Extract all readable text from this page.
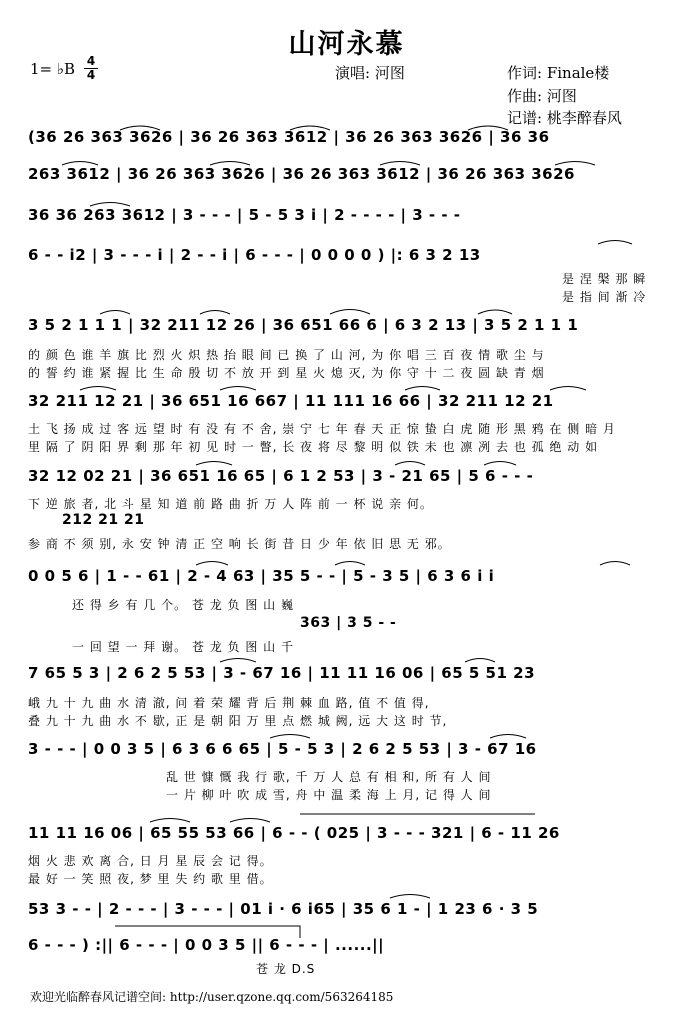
山河永慕
1= ♭B $\frac{4}{4}$	演唱: 河图	作词: Finale楼
作曲: 河图
记谱: 桃李醉春风
(36 26 363 3626 | 36 26 363 3612 | 36 26 363 3626 | 36 36
263 3612 | 36 26 363 3626 | 36 26 363 3612 | 36 26 363 3626
36 36 263 3612 | 3 - - - | 5 - 5 3 i | 2 - - - - | 3 - - -
6 - - i2 | 3 - - - i | 2 - - i | 6 - - - | 0 0 0 0 ) |: 6 3 2 13
是 涅 槃 那 瞬
是 指 间 渐 冷
3 5 2 1 1 1 | 32 211 12 26 | 36 651 66 6 | 6 3 2 13 | 3 5 2 1 1 1
的 颜 色 谁 羊 旗 比 烈 火 炽 热 抬 眼 间 已 换 了 山 河, 为 你 唱 三 百 夜 情 歌 尘 与
的 誓 约 谁 紧 握 比 生 命 殷 切 不 放 开 到 星 火 熄 灭, 为 你 守 十 二 夜 圆 缺 青 烟
32 211 12 21 | 36 651 16 667 | 11 111 16 66 | 32 211 12 21
土 飞 扬 成 过 客 远 望 时 有 没 有 不 舍, 崇 宁 七 年 春 天 正 惊 蛰 白 虎 随 形 黑 鸦 在 侧 暗 月
里 隔 了 阴 阳 界 剩 那 年 初 见 时 一 瞥, 长 夜 将 尽 黎 明 似 铁 未 也 凛 冽 去 也 孤 绝 动 如
32 12 02 21 | 36 651 16 65 | 6 1 2 53 | 3 - 21 65 | 5 6 - - -
下 逆 旅 者, 北 斗 星 知 道 前 路 曲 折 万 人 阵 前 一 杯 说 亲 何。
212 21 21
参 商 不 须 别, 永 安 钟 清 正 空 响 长 街 昔 日 少 年 依 旧 思 无 邪。
0 0 5 6 | 1 - - 61 | 2 - 4 63 | 35 5 - - | 5 - 3 5 | 6 3 6 i i
还 得 乡 有 几 个。 苍 龙 负 图 山 巍
363 | 3 5 - -
一 回 望 一 拜 谢。 苍 龙 负 图 山 千
7 65 5 3 | 2 6 2 5 53 | 3 - 67 16 | 11 11 16 06 | 65 5 51 23
峨 九 十 九 曲 水 清 澈, 问 着 荣 耀 背 后 荆 棘 血 路, 值 不 值 得,
叠 九 十 九 曲 水 不 歇, 正 是 朝 阳 万 里 点 燃 城 阙, 远 大 这 时 节,
3 - - - | 0 0 3 5 | 6 3 6 6 65 | 5 - 5 3 | 2 6 2 5 53 | 3 - 67 16
乱 世 慷 慨 我 行 歌, 千 万 人 总 有 相 和, 所 有 人 间
一 片 柳 叶 吹 成 雪, 舟 中 温 柔 海 上 月, 记 得 人 间
11 11 16 06 | 65 55 53 66 | 6 - - ( 025 | 3 - - - 321 | 6 - 11 26
烟 火 悲 欢 离 合, 日 月 星 辰 会 记 得。
最 好 一 笑 照 夜, 梦 里 失 约 歌 里 借。
53 3 - - | 2 - - - | 3 - - - | 01 i · 6 i65 | 35 6 1 - | 1 23 6 · 3 5
6 - - - ) :|| 6 - - - | 0 0 3 5 || 6 - - - | ......||
苍 龙 D.S
欢迎光临醉春风记谱空间: http://user.qzone.qq.com/563264185
